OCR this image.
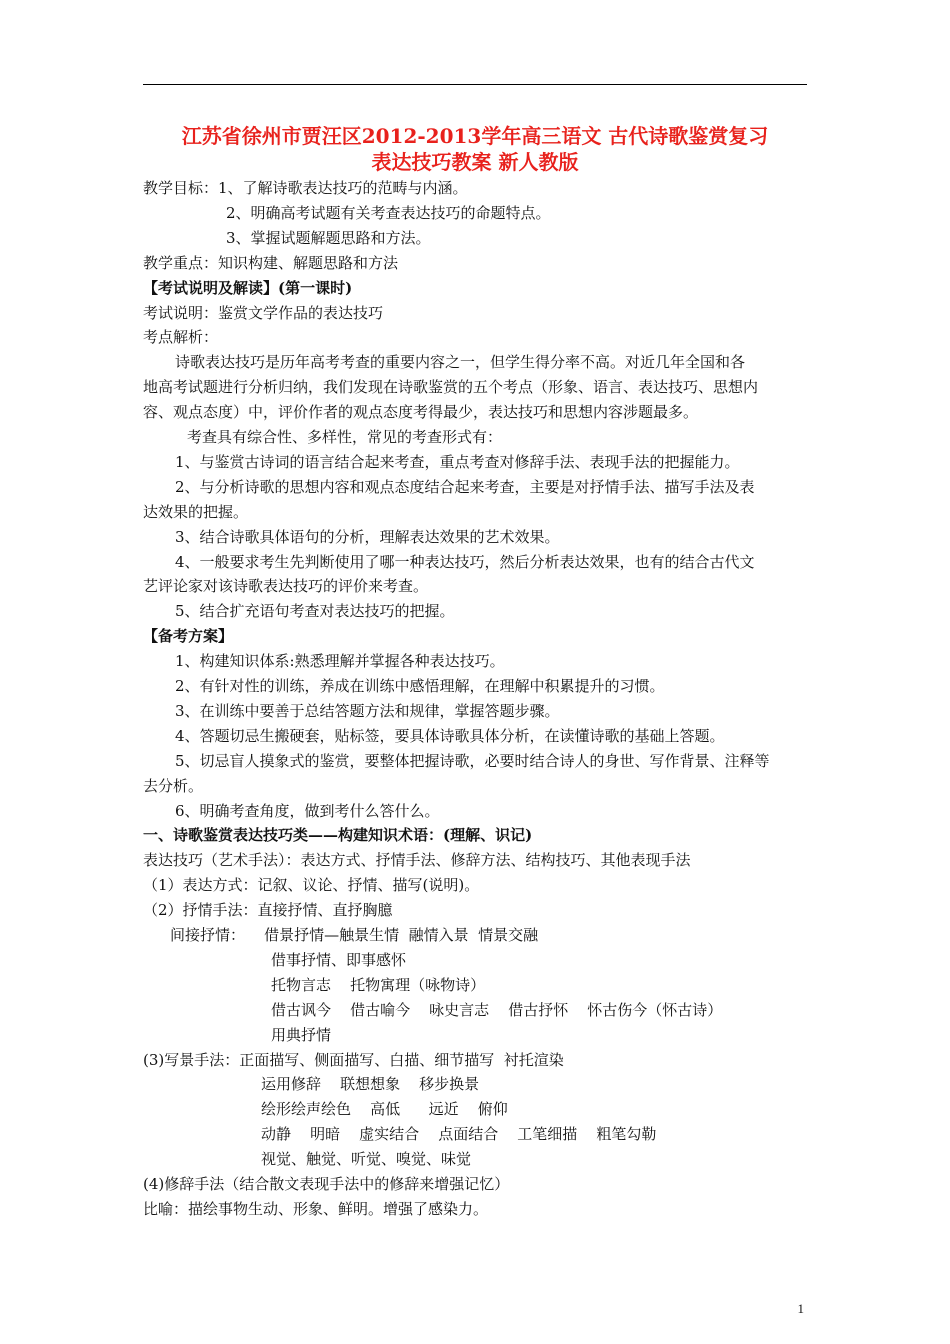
江苏省徐州市贾汪区2012-2013学年高三语文 古代诗歌鉴赏复习
表达技巧教案 新人教版
教学目标：1、了解诗歌表达技巧的范畴与内涵。
2、明确高考试题有关考查表达技巧的命题特点。
3、掌握试题解题思路和方法。
教学重点：知识构建、解题思路和方法
【考试说明及解读】(第一课时)
考试说明：鉴赏文学作品的表达技巧
考点解析：
诗歌表达技巧是历年高考考查的重要内容之一，但学生得分率不高。对近几年全国和各
地高考试题进行分析归纳，我们发现在诗歌鉴赏的五个考点（形象、语言、表达技巧、思想内
容、观点态度）中，评价作者的观点态度考得最少，表达技巧和思想内容涉题最多。
考查具有综合性、多样性，常见的考查形式有：
1、与鉴赏古诗词的语言结合起来考查，重点考查对修辞手法、表现手法的把握能力。
2、与分析诗歌的思想内容和观点态度结合起来考查，主要是对抒情手法、描写手法及表
达效果的把握。
3、结合诗歌具体语句的分析，理解表达效果的艺术效果。
4、一般要求考生先判断使用了哪一种表达技巧，然后分析表达效果，也有的结合古代文
艺评论家对该诗歌表达技巧的评价来考查。
5、结合扩充语句考查对表达技巧的把握。
【备考方案】
1、构建知识体系:熟悉理解并掌握各种表达技巧。
2、有针对性的训练，养成在训练中感悟理解，在理解中积累提升的习惯。
3、在训练中要善于总结答题方法和规律，掌握答题步骤。
4、答题切忌生搬硬套，贴标签，要具体诗歌具体分析，在读懂诗歌的基础上答题。
5、切忌盲人摸象式的鉴赏，要整体把握诗歌，必要时结合诗人的身世、写作背景、注释等
去分析。
6、明确考查角度，做到考什么答什么。
一、诗歌鉴赏表达技巧类——构建知识术语：(理解、识记)
表达技巧（艺术手法）：表达方式、抒情手法、修辞方法、结构技巧、其他表现手法
（1）表达方式：记叙、议论、抒情、描写(说明)。
（2）抒情手法：直接抒情、直抒胸臆
间接抒情：    借景抒情—触景生情  融情入景  情景交融
借事抒情、即事感怀
托物言志    托物寓理（咏物诗）
借古讽今    借古喻今    咏史言志    借古抒怀    怀古伤今（怀古诗）
用典抒情
(3)写景手法：正面描写、侧面描写、白描、细节描写  衬托渲染
运用修辞    联想想象    移步换景
绘形绘声绘色    高低      远近    俯仰
动静    明暗    虚实结合    点面结合    工笔细描    粗笔勾勒
视觉、触觉、听觉、嗅觉、味觉
(4)修辞手法（结合散文表现手法中的修辞来增强记忆）
比喻：描绘事物生动、形象、鲜明。增强了感染力。
1
